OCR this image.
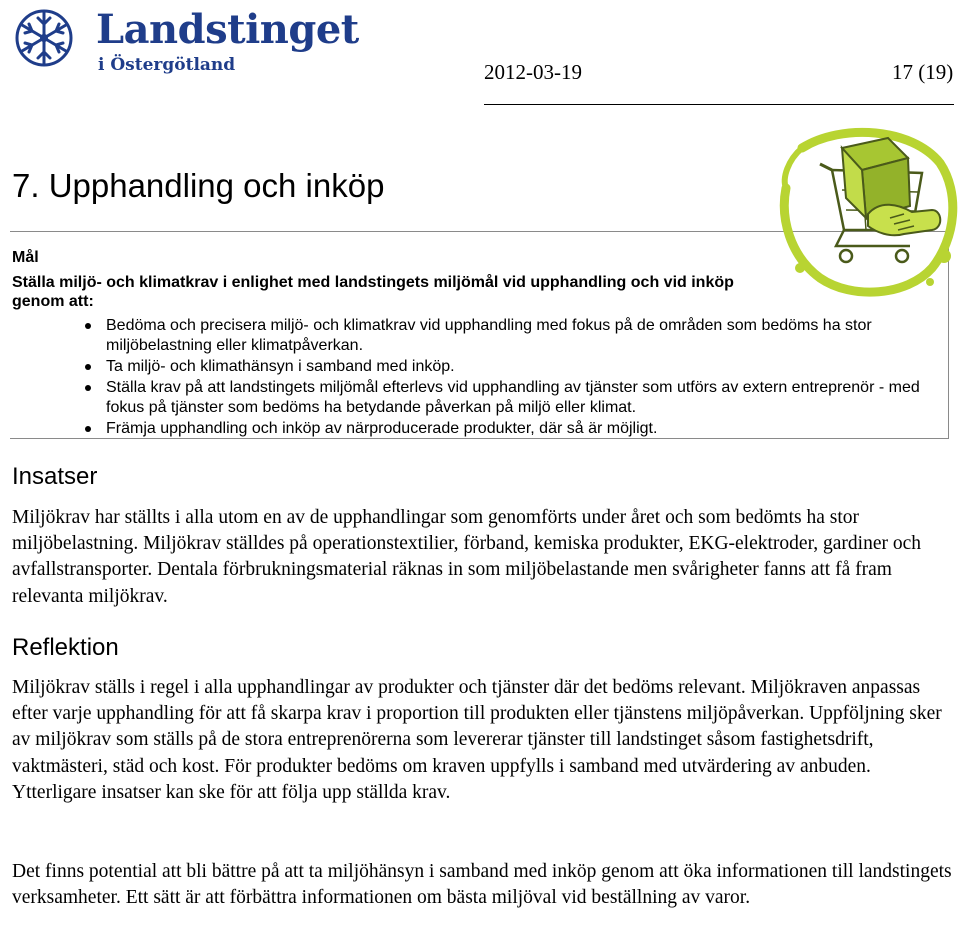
Landstinget
i Östergötland	2012-03-19	17 (19)
7. Upphandling och inköp
Mål
Ställa miljö- och klimatkrav i enlighet med landstingets miljömål vid upphandling och vid inköp genom att:
Bedöma och precisera miljö- och klimatkrav vid upphandling med fokus på de områden som bedöms ha stor miljöbelastning eller klimatpåverkan.
Ta miljö- och klimathänsyn i samband med inköp.
Ställa krav på att landstingets miljömål efterlevs vid upphandling av tjänster som utförs av extern entreprenör - med fokus på tjänster som bedöms ha betydande påverkan på miljö eller klimat.
Främja upphandling och inköp av närproducerade produkter, där så är möjligt.
Insatser

Miljökrav har ställts i alla utom en av de upphandlingar som genomförts under året och som bedömts ha stor miljöbelastning. Miljökrav ställdes på operationstextilier, förband, kemiska produkter, EKG-elektroder, gardiner och avfallstransporter. Dentala förbrukningsmaterial räknas in som miljöbelastande men svårigheter fanns att få fram relevanta miljökrav.

Reflektion

Miljökrav ställs i regel i alla upphandlingar av produkter och tjänster där det bedöms relevant. Miljökraven anpassas efter varje upphandling för att få skarpa krav i proportion till produkten eller tjänstens miljöpåverkan. Uppföljning sker av miljökrav som ställs på de stora entreprenörerna som levererar tjänster till landstinget såsom fastighetsdrift, vaktmästeri, städ och kost. För produkter bedöms om kraven uppfylls i samband med utvärdering av anbuden. Ytterligare insatser kan ske för att följa upp ställda krav.

Det finns potential att bli bättre på att ta miljöhänsyn i samband med inköp genom att öka informationen till landstingets verksamheter. Ett sätt är att förbättra informationen om bästa miljöval vid beställning av varor.
